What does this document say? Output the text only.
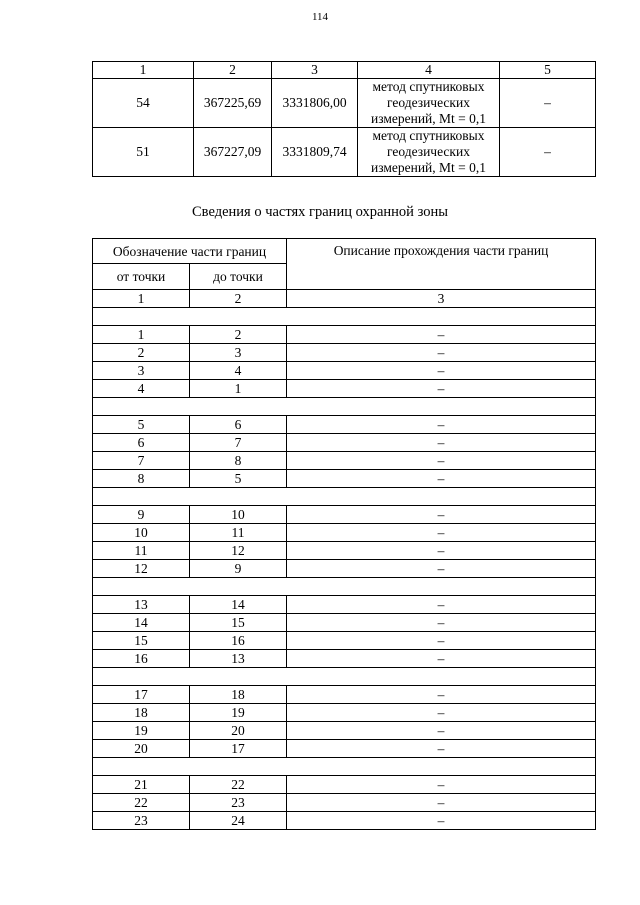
114
1	2	3	4	5
54	367225,69	3331806,00	метод спутниковых геодезических измерений, Mt = 0,1	–
51	367227,09	3331809,74	метод спутниковых геодезических измерений, Mt = 0,1	–
Сведения о частях границ охранной зоны
Обозначение части границ		Описание прохождения части границ
от точки	до точки	
1	2	3

1	2	–
2	3	–
3	4	–
4	1	–

5	6	–
6	7	–
7	8	–
8	5	–

9	10	–
10	11	–
11	12	–
12	9	–

13	14	–
14	15	–
15	16	–
16	13	–

17	18	–
18	19	–
19	20	–
20	17	–

21	22	–
22	23	–
23	24	–
